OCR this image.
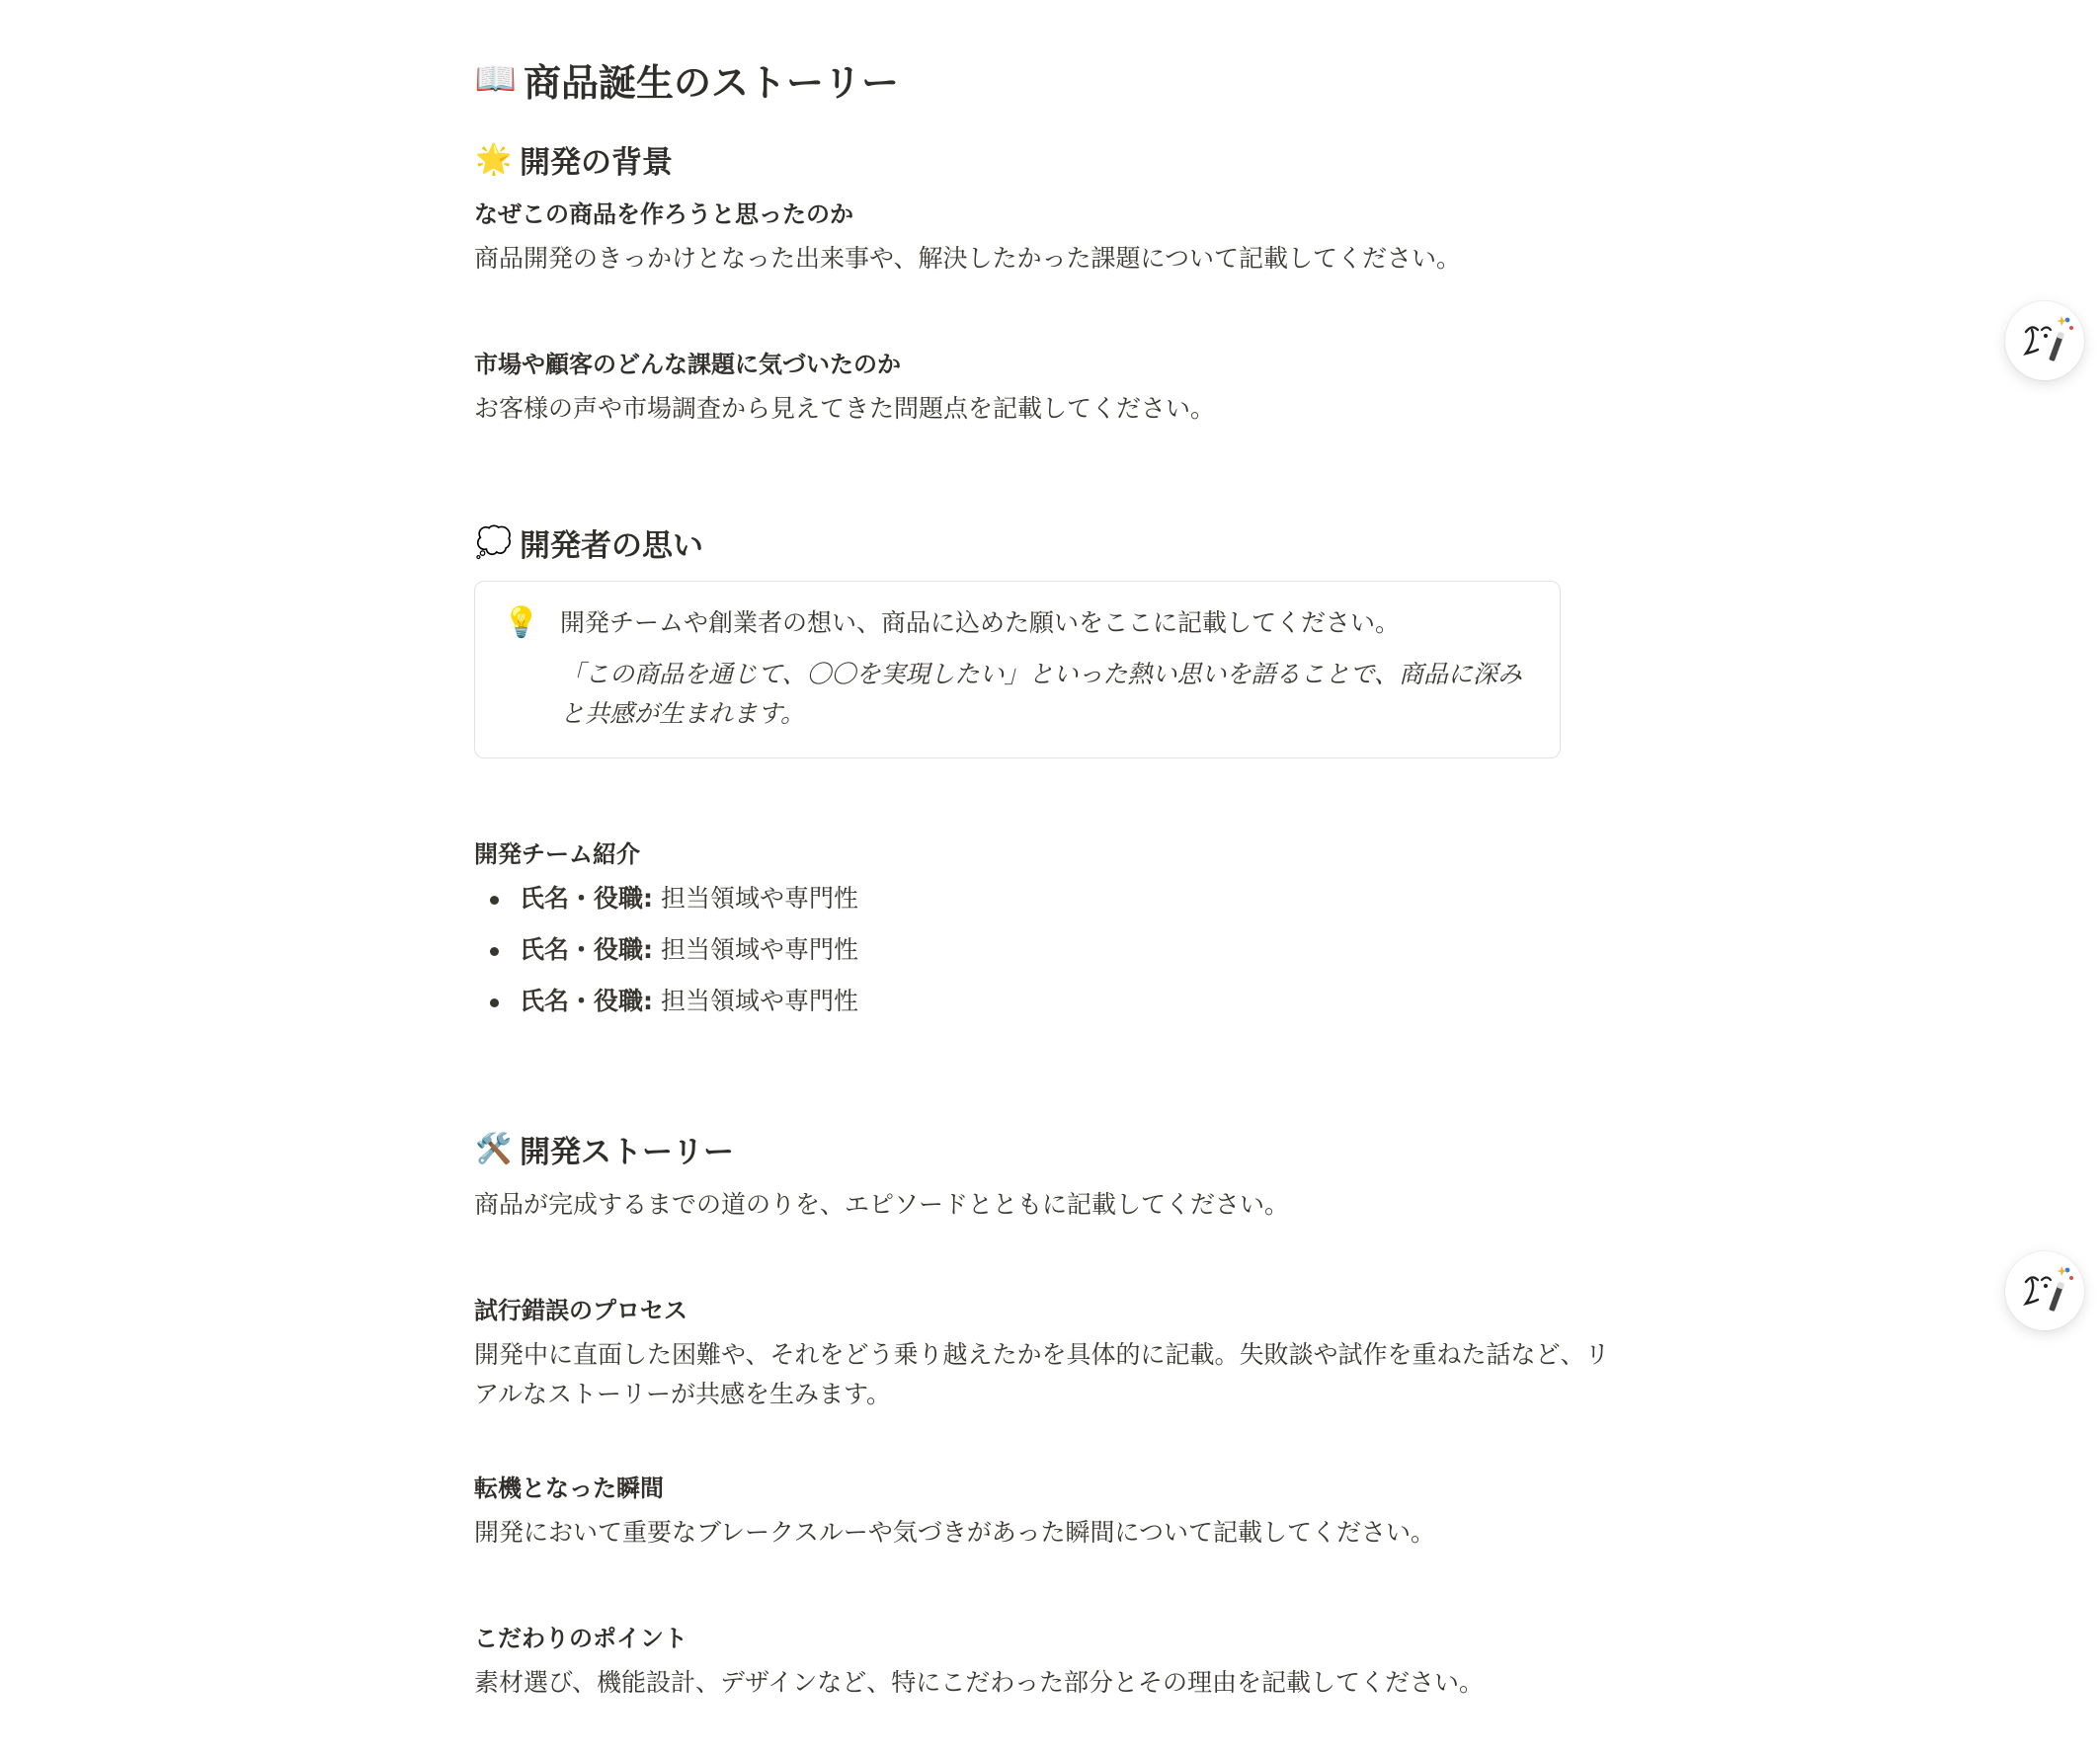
📖 商品誕生のストーリー
🌟 開発の背景
なぜこの商品を作ろうと思ったのか

商品開発のきっかけとなった出来事や、解決したかった課題について記載してください。

市場や顧客のどんな課題に気づいたのか

お客様の声や市場調査から見えてきた問題点を記載してください。

💭 開発者の思い
💡 開発チームや創業者の想い、商品に込めた願いをここに記載してください。
「この商品を通じて、〇〇を実現したい」といった熱い思いを語ることで、商品に深みと共感が生まれます。
開発チーム紹介
氏名・役職: 担当領域や専門性
氏名・役職: 担当領域や専門性
氏名・役職: 担当領域や専門性
🛠️ 開発ストーリー

商品が完成するまでの道のりを、エピソードとともに記載してください。

試行錯誤のプロセス

開発中に直面した困難や、それをどう乗り越えたかを具体的に記載。失敗談や試作を重ねた話など、リアルなストーリーが共感を生みます。

転機となった瞬間

開発において重要なブレークスルーや気づきがあった瞬間について記載してください。

こだわりのポイント

素材選び、機能設計、デザインなど、特にこだわった部分とその理由を記載してください。
